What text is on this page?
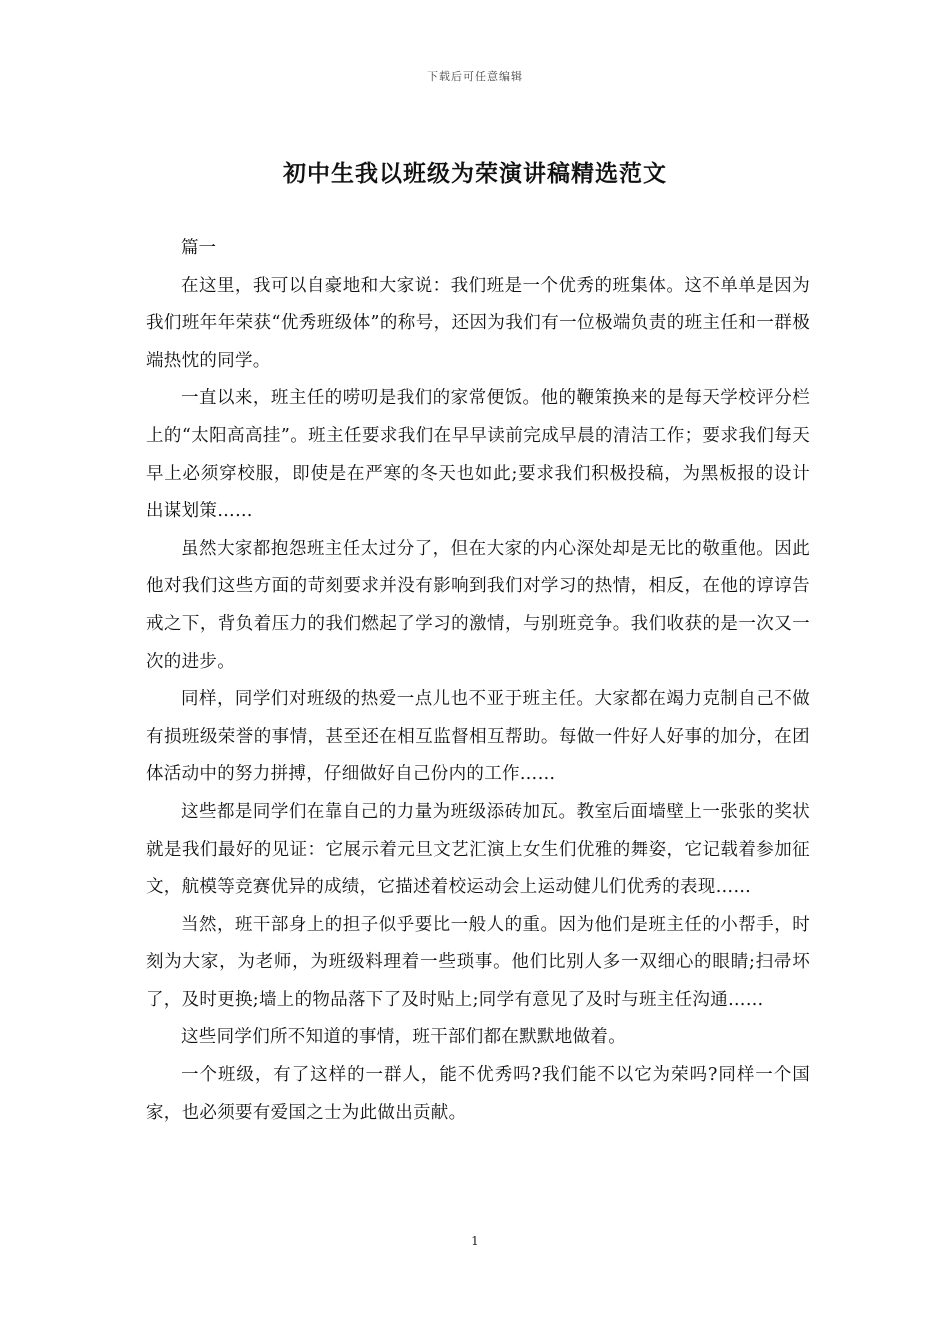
下载后可任意编辑
初中生我以班级为荣演讲稿精选范文

篇一

在这里，我可以自豪地和大家说：我们班是一个优秀的班集体。这不单单是因为我们班年年荣获“优秀班级体”的称号，还因为我们有一位极端负责的班主任和一群极端热忱的同学。

一直以来，班主任的唠叨是我们的家常便饭。他的鞭策换来的是每天学校评分栏上的“太阳高高挂”。班主任要求我们在早早读前完成早晨的清洁工作；要求我们每天早上必须穿校服，即使是在严寒的冬天也如此;要求我们积极投稿，为黑板报的设计出谋划策……

虽然大家都抱怨班主任太过分了，但在大家的内心深处却是无比的敬重他。因此他对我们这些方面的苛刻要求并没有影响到我们对学习的热情，相反，在他的谆谆告戒之下，背负着压力的我们燃起了学习的激情，与别班竞争。我们收获的是一次又一次的进步。

同样，同学们对班级的热爱一点儿也不亚于班主任。大家都在竭力克制自己不做有损班级荣誉的事情，甚至还在相互监督相互帮助。每做一件好人好事的加分，在团体活动中的努力拼搏，仔细做好自己份内的工作……

这些都是同学们在靠自己的力量为班级添砖加瓦。教室后面墙壁上一张张的奖状就是我们最好的见证：它展示着元旦文艺汇演上女生们优雅的舞姿，它记载着参加征文，航模等竞赛优异的成绩，它描述着校运动会上运动健儿们优秀的表现……

当然，班干部身上的担子似乎要比一般人的重。因为他们是班主任的小帮手，时刻为大家，为老师，为班级料理着一些琐事。他们比别人多一双细心的眼睛;扫帚坏了，及时更换;墙上的物品落下了及时贴上;同学有意见了及时与班主任沟通……

这些同学们所不知道的事情，班干部们都在默默地做着。

一个班级，有了这样的一群人，能不优秀吗?我们能不以它为荣吗?同样一个国家，也必须要有爱国之士为此做出贡献。

1
